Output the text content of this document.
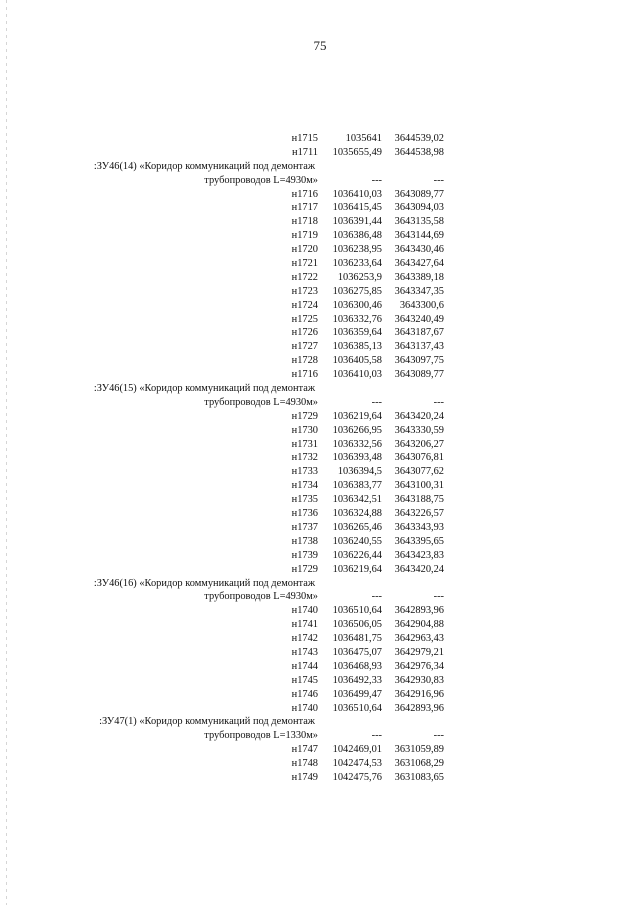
75
н1715	1035641 3644539,02
н1711 1035655,49 3644538,98
:ЗУ46(14) «Коридор коммуникаций под демонтаж
трубопроводов L=4930м»	---	---
н1716 1036410,03 3643089,77
н1717 1036415,45 3643094,03
н1718 1036391,44 3643135,58
н1719 1036386,48 3643144,69
н1720 1036238,95 3643430,46
н1721 1036233,64 3643427,64
н1722 1036253,9 3643389,18
н1723 1036275,85 3643347,35
н1724 1036300,46 3643300,6
н1725 1036332,76 3643240,49
н1726 1036359,64 3643187,67
н1727 1036385,13 3643137,43
н1728 1036405,58 3643097,75
н1716 1036410,03 3643089,77
:ЗУ46(15) «Коридор коммуникаций под демонтаж
трубопроводов L=4930м»	---	---
н1729 1036219,64 3643420,24
н1730 1036266,95 3643330,59
н1731 1036332,56 3643206,27
н1732 1036393,48 3643076,81
н1733 1036394,5 3643077,62
н1734 1036383,77 3643100,31
н1735 1036342,51 3643188,75
н1736 1036324,88 3643226,57
н1737 1036265,46 3643343,93
н1738 1036240,55 3643395,65
н1739 1036226,44 3643423,83
н1729 1036219,64 3643420,24
:ЗУ46(16) «Коридор коммуникаций под демонтаж
трубопроводов L=4930м»	---	---
н1740 1036510,64 3642893,96
н1741 1036506,05 3642904,88
н1742 1036481,75 3642963,43
н1743 1036475,07 3642979,21
н1744 1036468,93 3642976,34
н1745 1036492,33 3642930,83
н1746 1036499,47 3642916,96
н1740 1036510,64 3642893,96
:ЗУ47(1) «Коридор коммуникаций под демонтаж
трубопроводов L=1330м»	---	---
н1747 1042469,01 3631059,89
н1748 1042474,53 3631068,29
н1749 1042475,76 3631083,65
